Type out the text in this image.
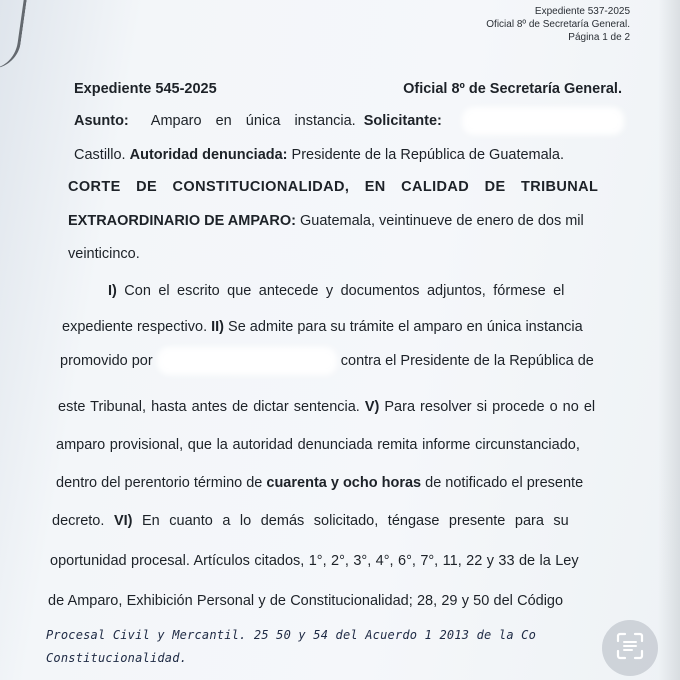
Expediente 537-2025
Oficial 8º de Secretaría General.
Página 1 de 2
Expediente 545-2025	Oficial 8º de Secretaría General.
Asunto: Amparo en única instancia. Solicitante:
Castillo. Autoridad denunciada: Presidente de la República de Guatemala.
CORTE DE CONSTITUCIONALIDAD, EN CALIDAD DE TRIBUNAL
EXTRAORDINARIO DE AMPARO: Guatemala, veintinueve de enero de dos mil
veinticinco.
I) Con el escrito que antecede y documentos adjuntos, fórmese el
expediente respectivo. II) Se admite para su trámite el amparo en única instancia
promovido por	contra el Presidente de la República de
este Tribunal, hasta antes de dictar sentencia. V) Para resolver si procede o no el
amparo provisional, que la autoridad denunciada remita informe circunstanciado,
dentro del perentorio término de cuarenta y ocho horas de notificado el presente
decreto. VI) En cuanto a lo demás solicitado, téngase presente para su
oportunidad procesal. Artículos citados, 1°, 2°, 3°, 4°, 6°, 7°, 11, 22 y 33 de la Ley
de Amparo, Exhibición Personal y de Constitucionalidad; 28, 29 y 50 del Código
Procesal Civil y Mercantil. 25 50 y 54 del Acuerdo 1 2013 de la Co
Constitucionalidad.
